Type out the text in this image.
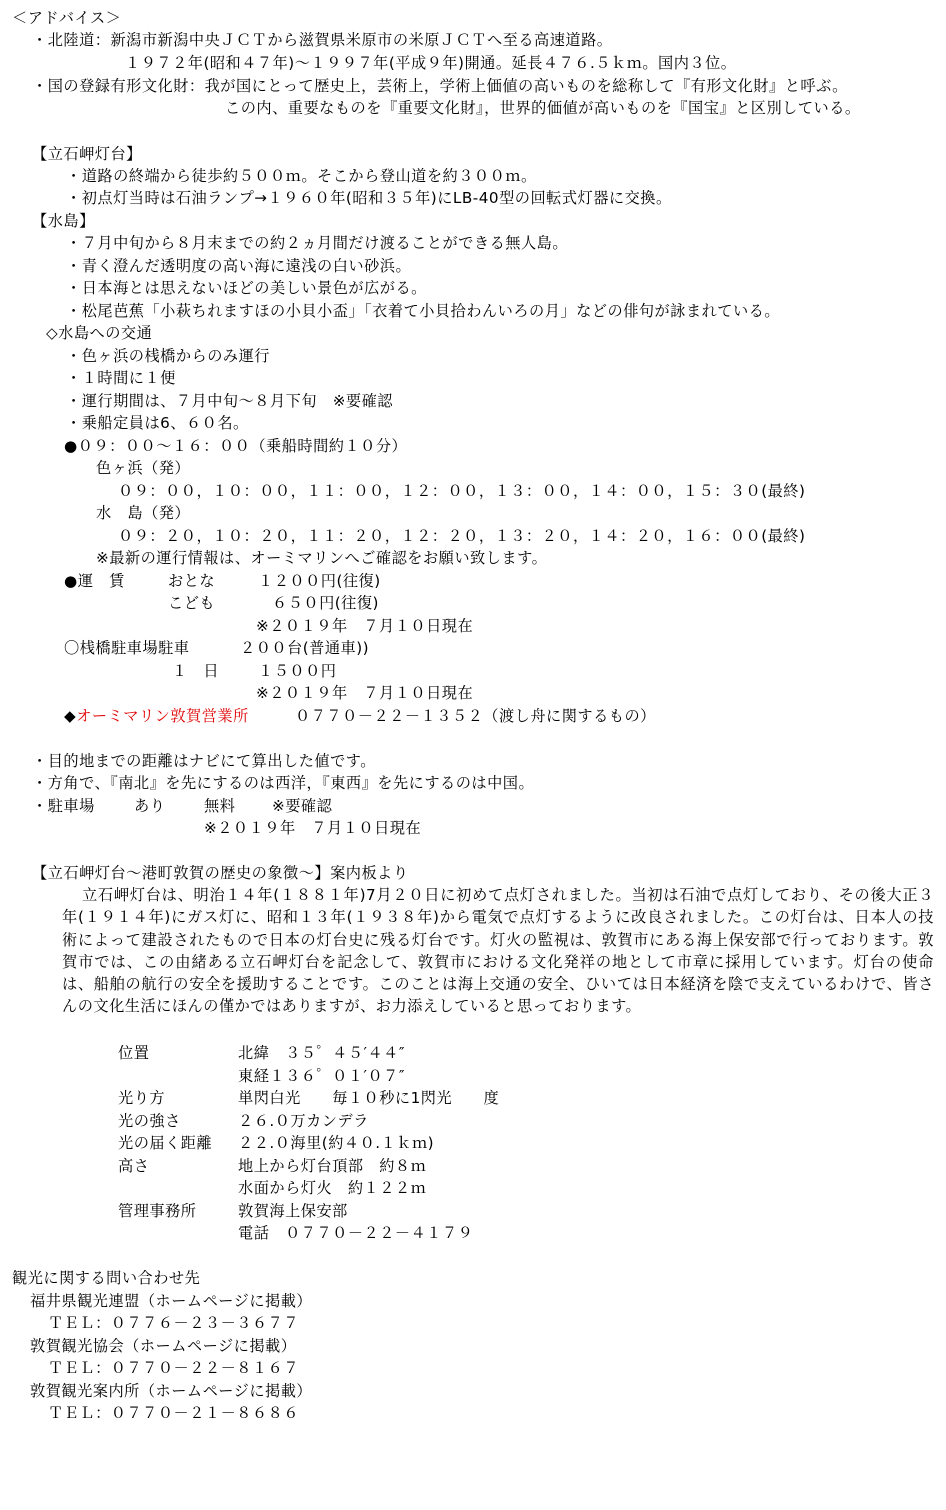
＜アドバイス＞
・北陸道：新潟市新潟中央ＪＣＴから滋賀県米原市の米原ＪＣＴへ至る高速道路。
１９７２年(昭和４７年)～１９９７年(平成９年)開通。延長４７６.５ｋｍ。国内３位。
・国の登録有形文化財：我が国にとって歴史上，芸術上，学術上価値の高いものを総称して『有形文化財』と呼ぶ。
この内、重要なものを『重要文化財』，世界的価値が高いものを『国宝』と区別している。
【立石岬灯台】
・道路の終端から徒歩約５００ｍ。そこから登山道を約３００ｍ。
・初点灯当時は石油ランプ→１９６０年(昭和３５年)にLB-40型の回転式灯器に交換。
【水島】
・７月中旬から８月末までの約２ヵ月間だけ渡ることができる無人島。
・青く澄んだ透明度の高い海に遠浅の白い砂浜。
・日本海とは思えないほどの美しい景色が広がる。
・松尾芭蕉「小萩ちれますほの小貝小盃」「衣着て小貝拾わんいろの月」などの俳句が詠まれている。
◇水島への交通
・色ヶ浜の桟橋からのみ運行
・１時間に１便
・運行期間は、７月中旬～８月下旬　※要確認
・乗船定員は6、６０名。
●０９：００～１６：００（乗船時間約１０分）
色ヶ浜（発）
０９：００，１０：００，１１：００，１２：００，１３：００，１４：００，１５：３０(最終)
水　島（発）
０９：２０，１０：２０，１１：２０，１２：２０，１３：２０，１４：２０，１６：００(最終)
※最新の運行情報は、オーミマリンへご確認をお願い致します。
●運　賃	おとな	１２００円(往復)
こども	６５０円(往復)
※２０１９年　７月１０日現在
〇桟橋駐車場駐車	２００台(普通車))
１　日	１５００円
※２０１９年　７月１０日現在
◆オーミマリン敦賀営業所	０７７０－２２－１３５２（渡し舟に関するもの）
・目的地までの距離はナビにて算出した値です。
・方角で、『南北』を先にするのは西洋，『東西』を先にするのは中国。
・駐車場	あり	無料 ※要確認
※２０１９年　７月１０日現在
【立石岬灯台～港町敦賀の歴史の象徴～】案内板より
立石岬灯台は、明治１４年(１８８１年)7月２０日に初めて点灯されました。当初は石油で点灯しており、その後大正３年(１９１４年)にガス灯に、昭和１３年(１９３８年)から電気で点灯するように改良されました。この灯台は、日本人の技術によって建設されたもので日本の灯台史に残る灯台です。灯火の監視は、敦賀市にある海上保安部で行っております。敦賀市では、この由緒ある立石岬灯台を記念して、敦賀市における文化発祥の地として市章に採用しています。灯台の使命は、船舶の航行の安全を援助することです。このことは海上交通の安全、ひいては日本経済を陰で支えているわけで、皆さんの文化生活にほんの僅かではありますが、お力添えしていると思っております。
位置	北緯　３５゜４５′４４″
東経１３６゜０１′０７″
光り方	単閃白光　　毎１０秒に1閃光　　度
光の強さ	２６.０万カンデラ
光の届く距離 ２２.０海里(約４０.１ｋｍ)
高さ	地上から灯台頂部　約８ｍ
水面から灯火　約１２２ｍ
管理事務所	敦賀海上保安部
電話　０７７０－２２－４１７９
観光に関する問い合わせ先
福井県観光連盟（ホームページに掲載）
ＴＥＬ：０７７６－２３－３６７７
敦賀観光協会（ホームページに掲載）
ＴＥＬ：０７７０－２２－８１６７
敦賀観光案内所（ホームページに掲載）
ＴＥＬ：０７７０－２１－８６８６
